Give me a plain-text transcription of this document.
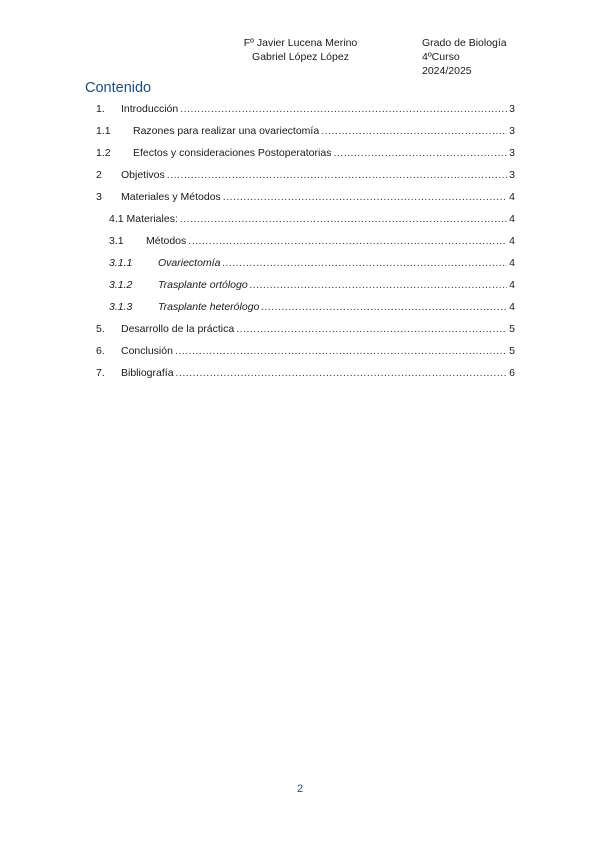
Fº Javier Lucena Merino
Gabriel López López
Grado de Biología
4ºCurso
2024/2025
Contenido
1.	Introducción .....	3
1.1	Razones para realizar una ovariectomía .....	3
1.2	Efectos y consideraciones Postoperatorias .....	3
2	Objetivos .....	3
3	Materiales y Métodos .....	4
4.1 Materiales: .....	4
3.1	Métodos .....	4
3.1.1	Ovariectomía .....	4
3.1.2	Trasplante ortólogo .....	4
3.1.3	Trasplante heterólogo .....	4
5.	Desarrollo de la práctica .....	5
6.	Conclusión .....	5
7.	Bibliografía .....	6
2
